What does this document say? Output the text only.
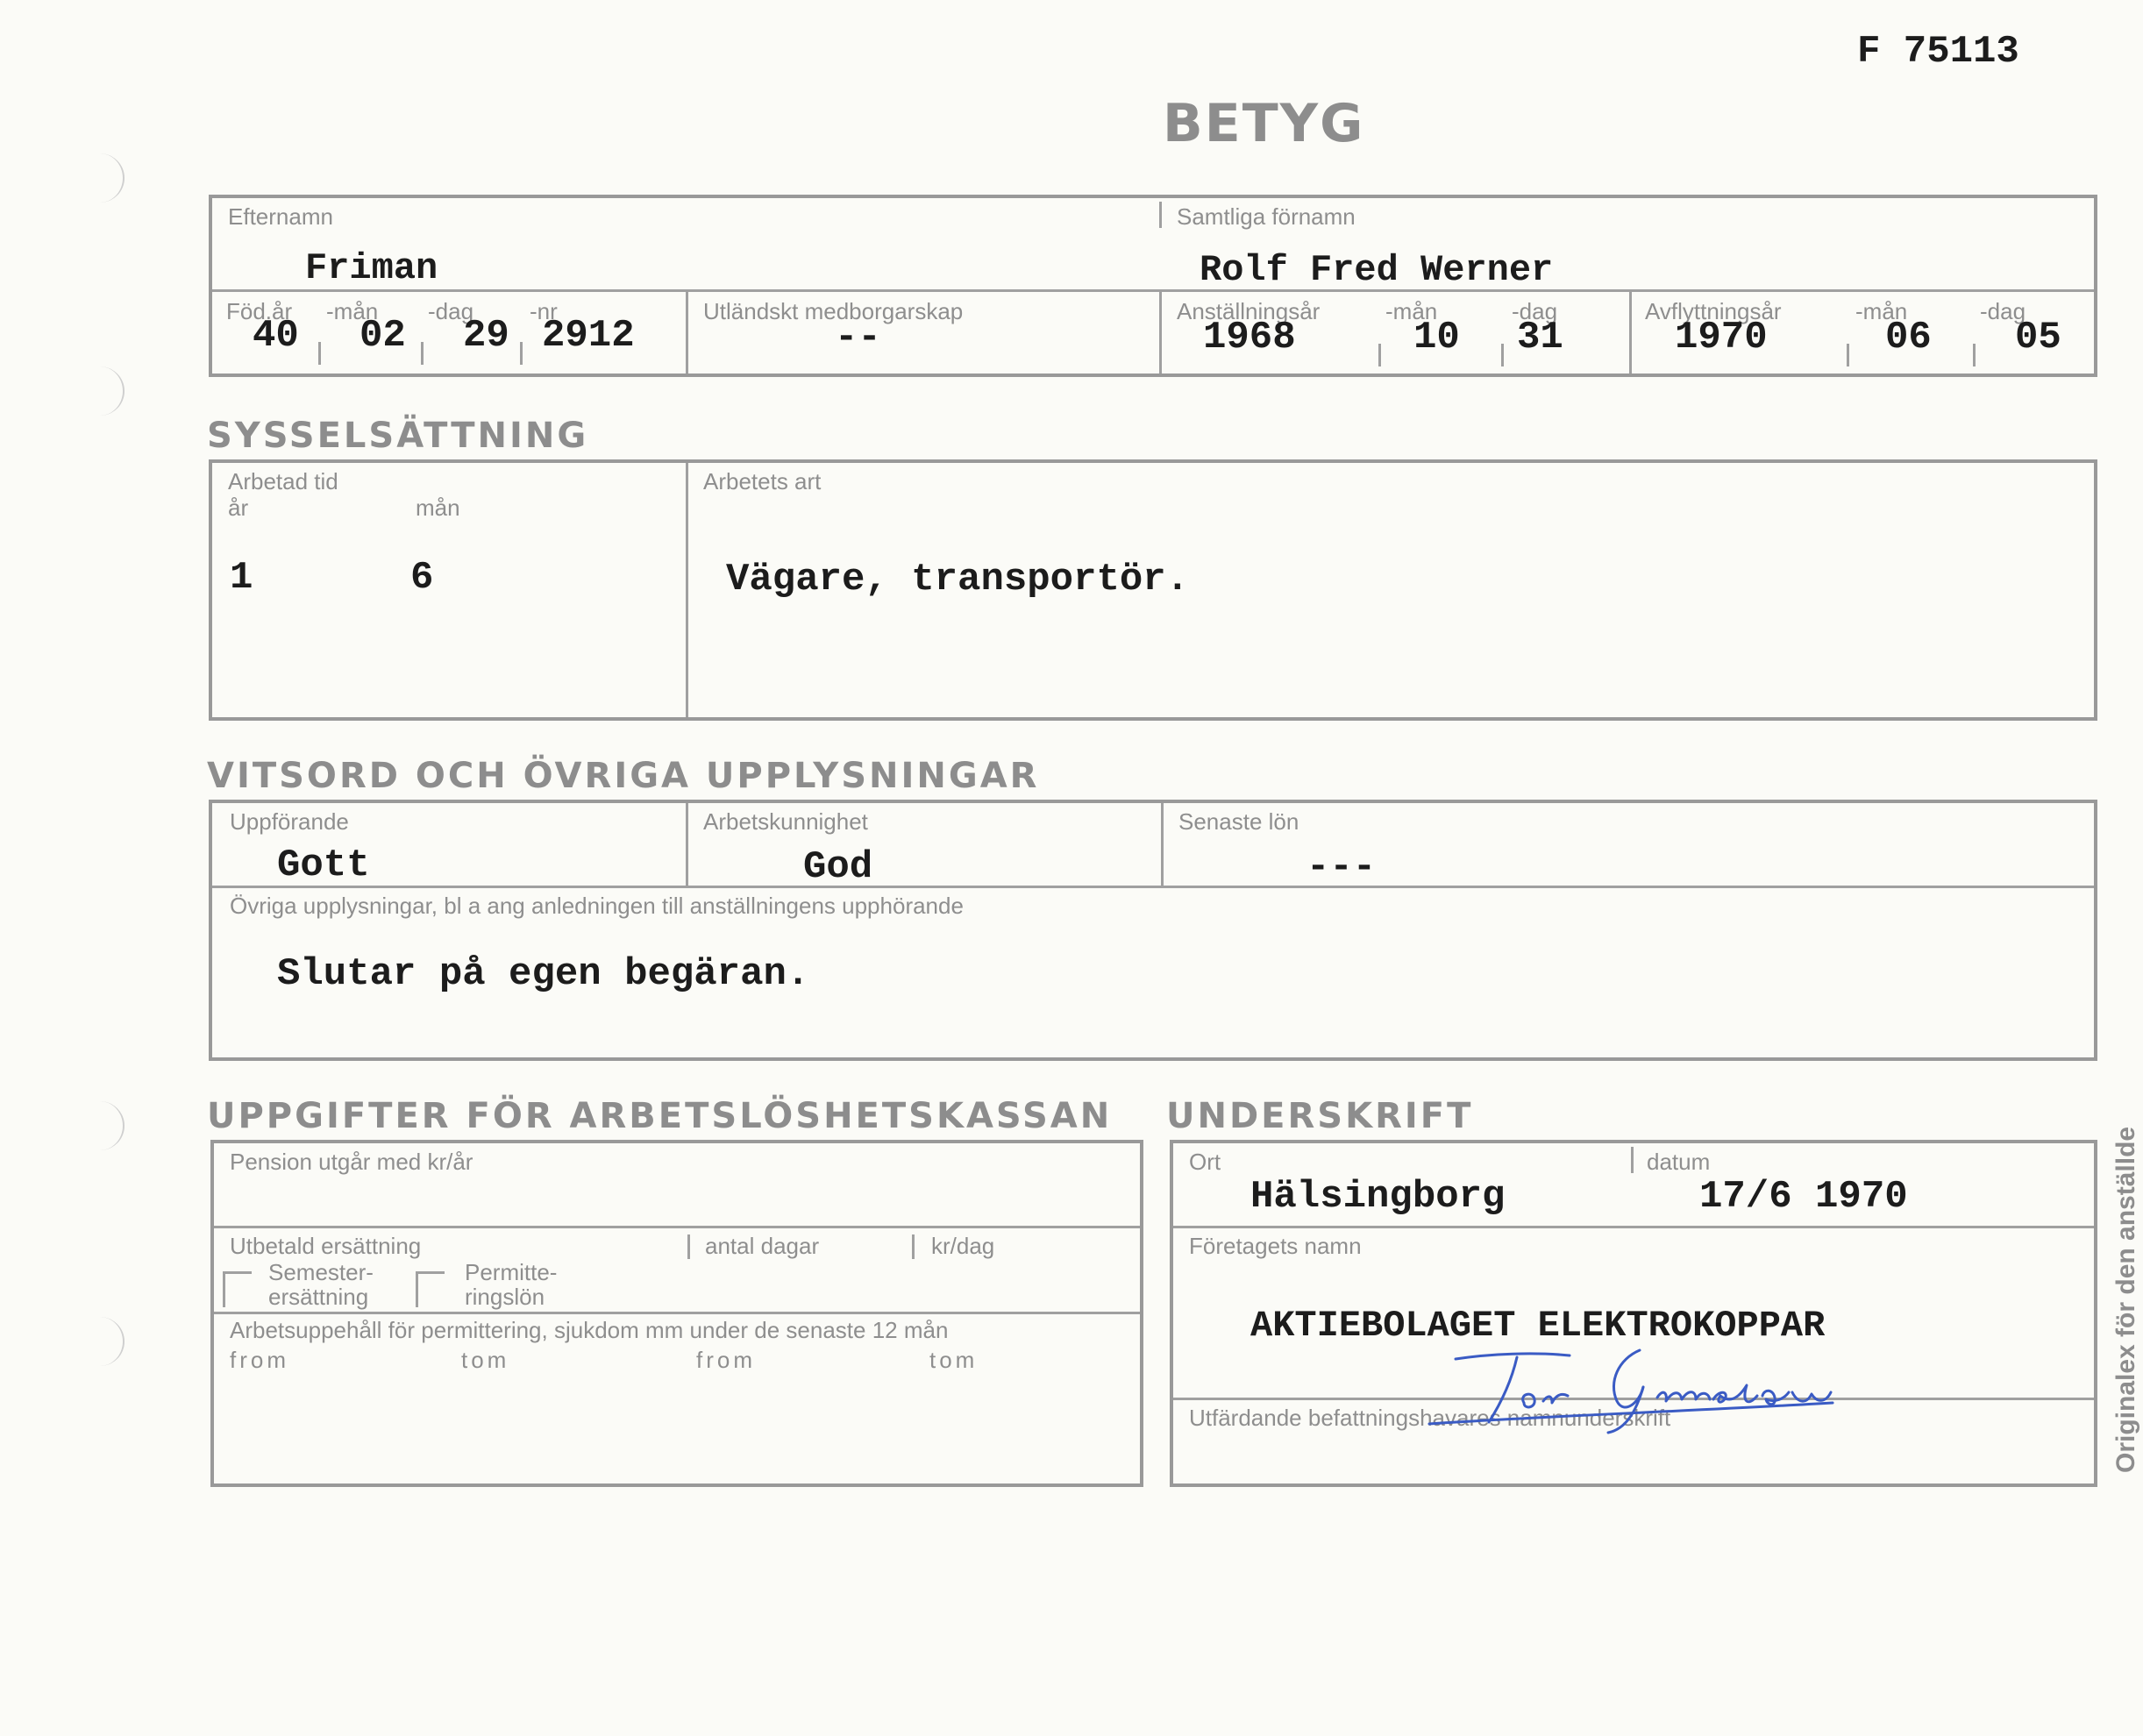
F 75113
BETYG
Efternamn
Friman
Samtliga förnamn
Rolf Fred Werner
Föd.år -mån -dag -nr
40 02 29 2912
Utländskt medborgarskap
--
Anställningsår	-mån	-dag
1968	10 31
Avflyttningsår	-mån	-dag
1970	06 05
SYSSELSÄTTNING
Arbetad tid
år	mån
1	6
Arbetets art
Vägare, transportör.
VITSORD OCH ÖVRIGA UPPLYSNINGAR
Uppförande
Gott
Arbetskunnighet
God
Senaste lön
---
Övriga upplysningar, bl a ang anledningen till anställningens upphörande
Slutar på egen begäran.
UPPGIFTER FÖR ARBETSLÖSHETSKASSAN
Pension utgår med kr/år
Utbetald ersättning	antal dagar	kr/dag
Semester-
ersättning
Permitte-
ringslön
Arbetsuppehåll för permittering, sjukdom mm under de senaste 12 mån
from	tom	from	tom
UNDERSKRIFT
Ort
Hälsingborg
datum
17/6 1970
Företagets namn
AKTIEBOLAGET ELEKTROKOPPAR
Utfärdande befattningshavares namnunderskrift	Originalex för den anställde
